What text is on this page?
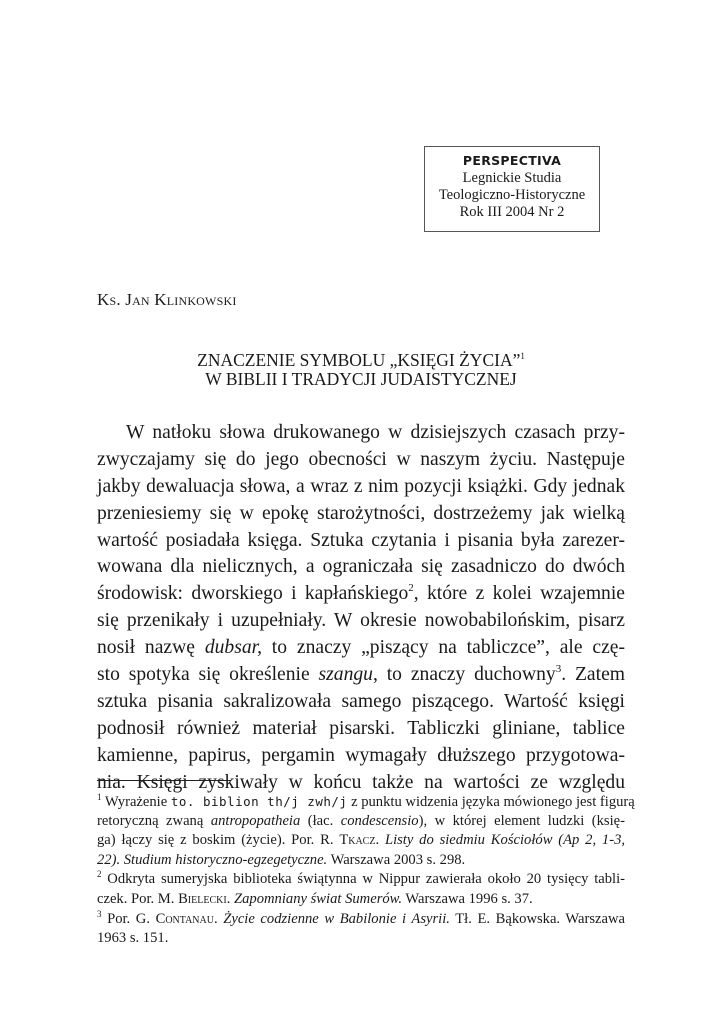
PERSPECTIVA
Legnickie Studia
Teologiczno-Historyczne
Rok III 2004 Nr 2
Ks. Jan Klinkowski
ZNACZENIE SYMBOLU „KSIĘGI ŻYCIA”$^1$
W BIBLII I TRADYCJI JUDAISTYCZNEJ
W natłoku słowa drukowanego w dzisiejszych czasach przy-
zwyczajamy się do jego obecności w naszym życiu. Następuje
jakby dewaluacja słowa, a wraz z nim pozycji książki. Gdy jednak
przeniesiemy się w epokę starożytności, dostrzeżemy jak wielką
wartość posiadała księga. Sztuka czytania i pisania była zarezer-
wowana dla nielicznych, a ograniczała się zasadniczo do dwóch
środowisk: dworskiego i kapłańskiego$^2$, które z kolei wzajemnie
się przenikały i uzupełniały. W okresie nowobabilońskim, pisarz
nosił nazwę dubsar, to znaczy „piszący na tabliczce”, ale czę-
sto spotyka się określenie szangu, to znaczy duchowny$^3$. Zatem
sztuka pisania sakralizowała samego piszącego. Wartość księgi
podnosił również materiał pisarski. Tabliczki gliniane, tablice
kamienne, papirus, pergamin wymagały dłuższego przygotowa-
nia. Księgi zyskiwały w końcu także na wartości ze względu
$^1$ Wyrażenie to. biblion th/j zwh/j z punktu widzenia języka mówionego jest figurą
retoryczną zwaną antropopatheia (łac. condescensio), w której element ludzki (księ-
ga) łączy się z boskim (życie). Por. R. Tkacz. Listy do siedmiu Kościołów (Ap 2, 1-3,
22). Studium historyczno-egzegetyczne. Warszawa 2003 s. 298.
$^2$ Odkryta sumeryjska biblioteka świątynna w Nippur zawierała około 20 tysięcy tabli-
czek. Por. M. Bielecki. Zapomniany świat Sumerów. Warszawa 1996 s. 37.
$^3$ Por. G. Contanau. Życie codzienne w Babilonie i Asyrii. Tł. E. Bąkowska. Warszawa
1963 s. 151.
